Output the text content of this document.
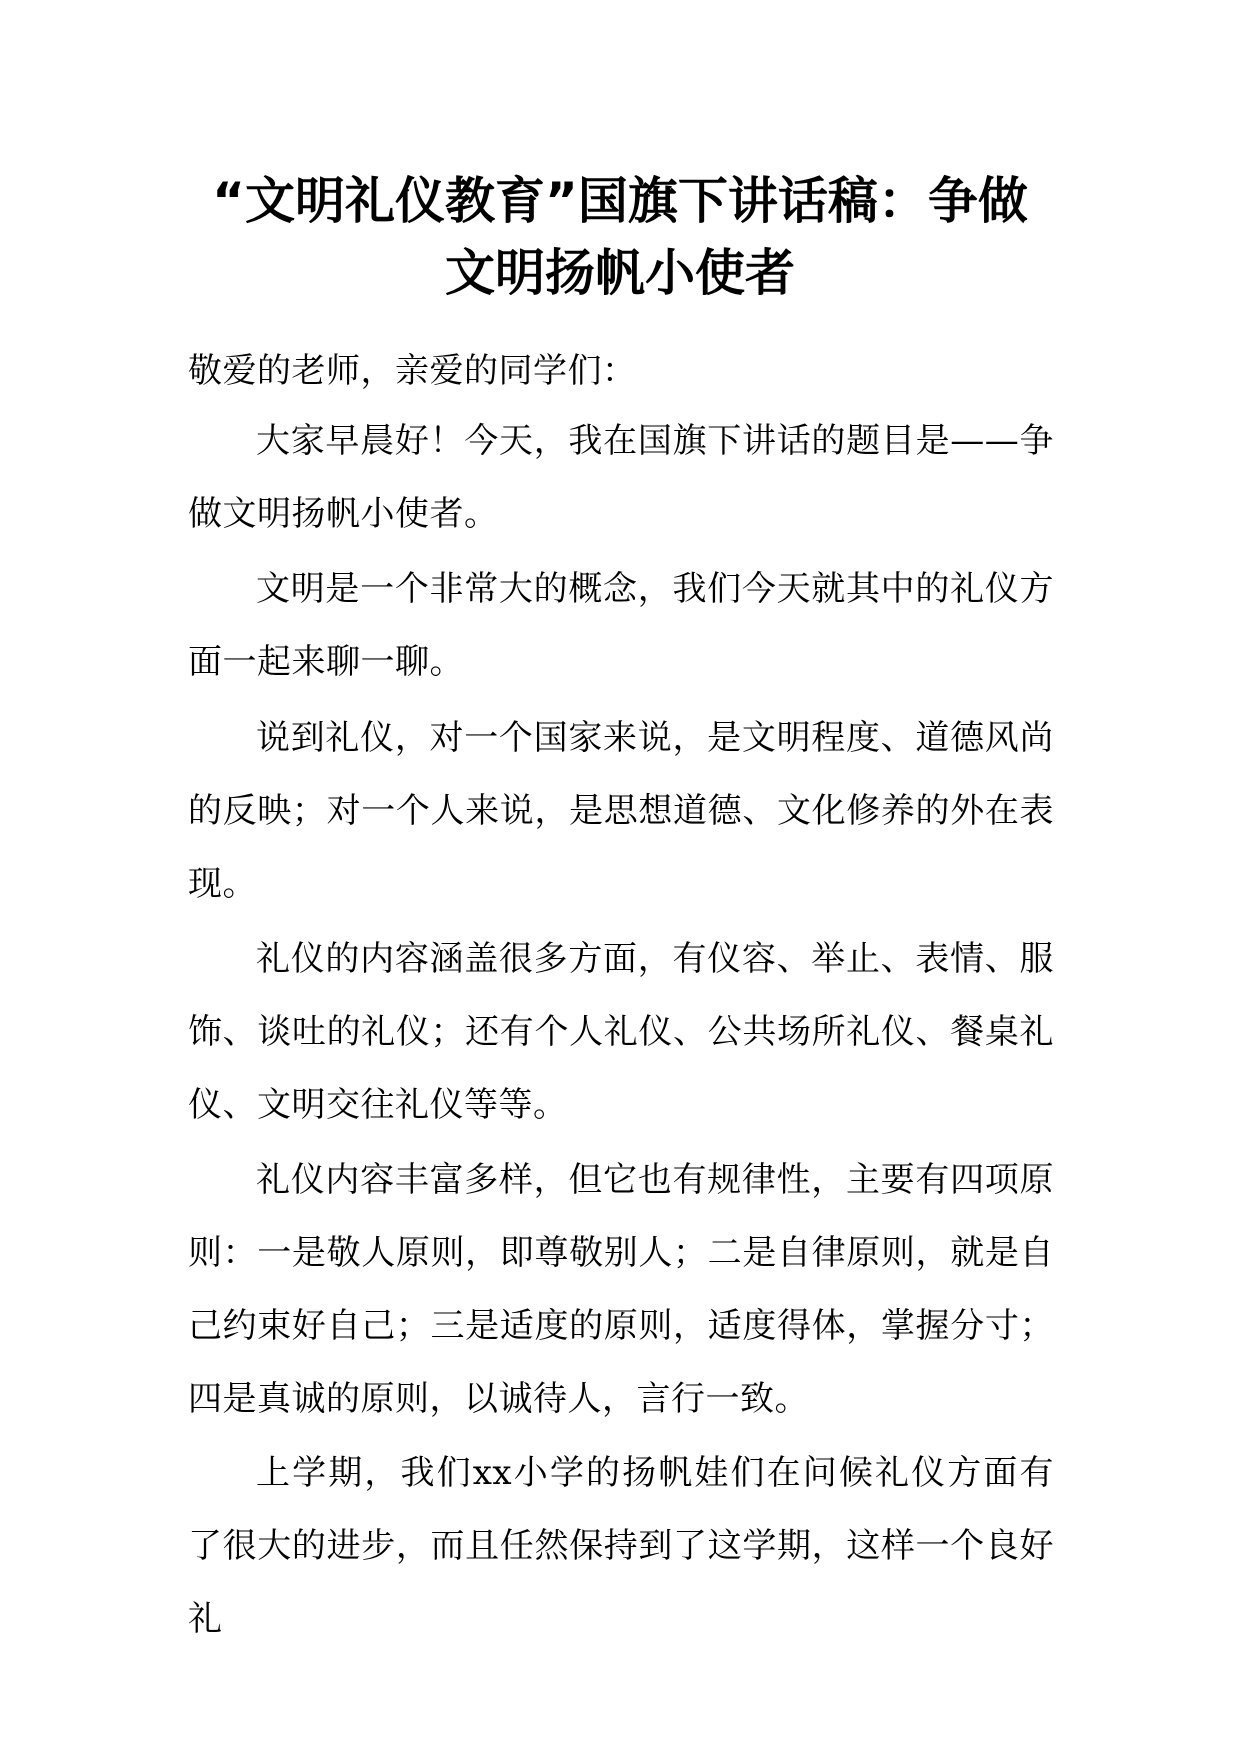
“文明礼仪教育”国旗下讲话稿：争做
文明扬帆小使者

敬爱的老师，亲爱的同学们：

大家早晨好！今天，我在国旗下讲话的题目是——争做文明扬帆小使者。

文明是一个非常大的概念，我们今天就其中的礼仪方面一起来聊一聊。

说到礼仪，对一个国家来说，是文明程度、道德风尚的反映；对一个人来说，是思想道德、文化修养的外在表现。

礼仪的内容涵盖很多方面，有仪容、举止、表情、服饰、谈吐的礼仪；还有个人礼仪、公共场所礼仪、餐桌礼仪、文明交往礼仪等等。

礼仪内容丰富多样，但它也有规律性，主要有四项原则：一是敬人原则，即尊敬别人；二是自律原则，就是自己约束好自己；三是适度的原则，适度得体，掌握分寸；四是真诚的原则，以诚待人，言行一致。

上学期，我们xx小学的扬帆娃们在问候礼仪方面有了很大的进步，而且任然保持到了这学期，这样一个良好礼
